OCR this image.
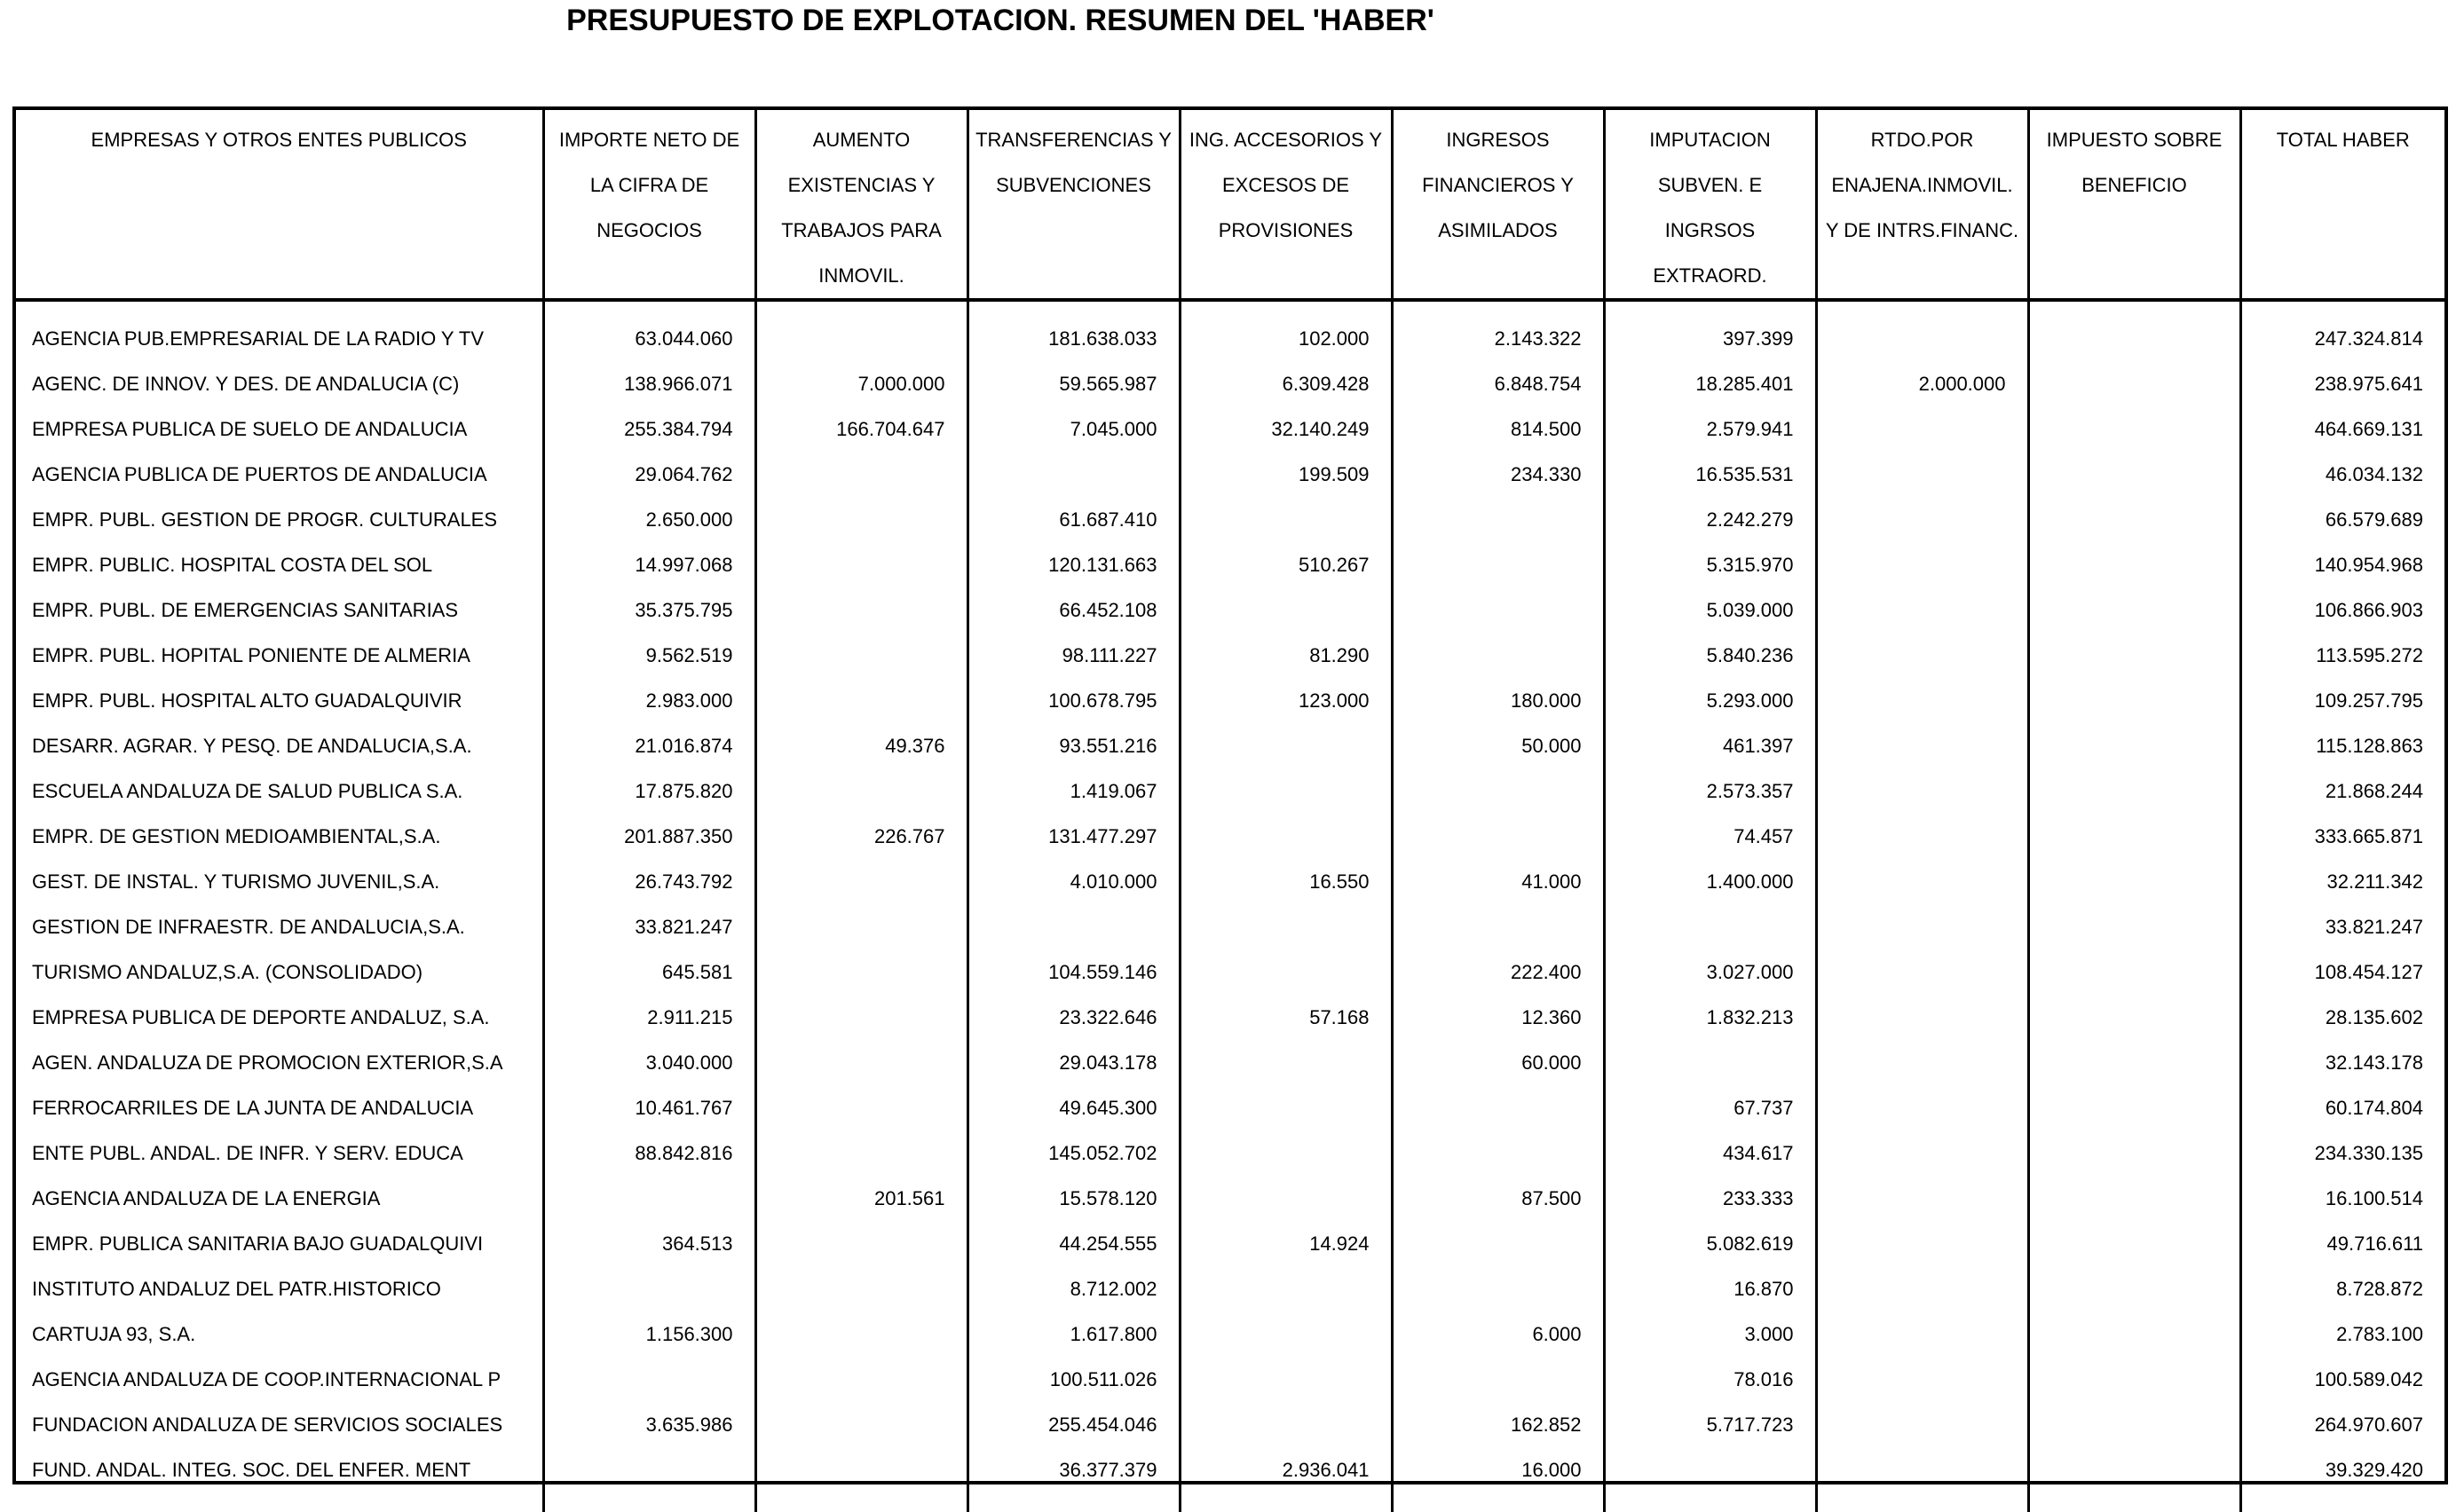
PRESUPUESTO DE EXPLOTACION. RESUMEN DEL 'HABER'
EMPRESAS Y OTROS ENTES PUBLICOS	IMPORTE NETO DE LA CIFRA DE NEGOCIOS	AUMENTO EXISTENCIAS Y TRABAJOS PARA INMOVIL.	TRANSFERENCIAS Y SUBVENCIONES	ING. ACCESORIOS Y EXCESOS DE PROVISIONES	INGRESOS FINANCIEROS Y ASIMILADOS	IMPUTACION SUBVEN. E INGRSOS EXTRAORD.	RTDO.POR ENAJENA.INMOVIL. Y DE INTRS.FINANC.	IMPUESTO SOBRE BENEFICIO	TOTAL HABER

AGENCIA PUB.EMPRESARIAL DE LA RADIO Y TV	63.044.060		181.638.033	102.000	2.143.322	397.399			247.324.814
AGENC. DE INNOV. Y DES. DE ANDALUCIA (C)	138.966.071	7.000.000	59.565.987	6.309.428	6.848.754	18.285.401	2.000.000		238.975.641
EMPRESA PUBLICA DE SUELO DE ANDALUCIA	255.384.794	166.704.647	7.045.000	32.140.249	814.500	2.579.941			464.669.131
AGENCIA PUBLICA DE PUERTOS DE ANDALUCIA	29.064.762			199.509	234.330	16.535.531			46.034.132
EMPR. PUBL. GESTION DE PROGR. CULTURALES	2.650.000		61.687.410			2.242.279			66.579.689
EMPR. PUBLIC. HOSPITAL COSTA DEL SOL	14.997.068		120.131.663	510.267		5.315.970			140.954.968
EMPR. PUBL. DE EMERGENCIAS SANITARIAS	35.375.795		66.452.108			5.039.000			106.866.903
EMPR. PUBL. HOPITAL PONIENTE DE ALMERIA	9.562.519		98.111.227	81.290		5.840.236			113.595.272
EMPR. PUBL. HOSPITAL ALTO GUADALQUIVIR	2.983.000		100.678.795	123.000	180.000	5.293.000			109.257.795
DESARR. AGRAR. Y PESQ. DE ANDALUCIA,S.A.	21.016.874	49.376	93.551.216		50.000	461.397			115.128.863
ESCUELA ANDALUZA DE SALUD PUBLICA S.A.	17.875.820		1.419.067			2.573.357			21.868.244
EMPR. DE GESTION MEDIOAMBIENTAL,S.A.	201.887.350	226.767	131.477.297			74.457			333.665.871
GEST. DE INSTAL. Y TURISMO JUVENIL,S.A.	26.743.792		4.010.000	16.550	41.000	1.400.000			32.211.342
GESTION DE INFRAESTR. DE ANDALUCIA,S.A.	33.821.247								33.821.247
TURISMO ANDALUZ,S.A. (CONSOLIDADO)	645.581		104.559.146		222.400	3.027.000			108.454.127
EMPRESA PUBLICA DE DEPORTE ANDALUZ, S.A.	2.911.215		23.322.646	57.168	12.360	1.832.213			28.135.602
AGEN. ANDALUZA DE PROMOCION EXTERIOR,S.A	3.040.000		29.043.178		60.000				32.143.178
FERROCARRILES DE LA JUNTA DE ANDALUCIA	10.461.767		49.645.300			67.737			60.174.804
ENTE PUBL. ANDAL. DE INFR. Y SERV. EDUCA	88.842.816		145.052.702			434.617			234.330.135
AGENCIA ANDALUZA DE LA ENERGIA		201.561	15.578.120		87.500	233.333			16.100.514
EMPR. PUBLICA SANITARIA BAJO GUADALQUIVI	364.513		44.254.555	14.924		5.082.619			49.716.611
INSTITUTO ANDALUZ DEL PATR.HISTORICO			8.712.002			16.870			8.728.872
CARTUJA 93, S.A.	1.156.300		1.617.800		6.000	3.000			2.783.100
AGENCIA ANDALUZA DE COOP.INTERNACIONAL P			100.511.026			78.016			100.589.042
FUNDACION ANDALUZA DE SERVICIOS SOCIALES	3.635.986		255.454.046		162.852	5.717.723			264.970.607
FUND. ANDAL. INTEG. SOC. DEL ENFER. MENT			36.377.379	2.936.041	16.000				39.329.420
